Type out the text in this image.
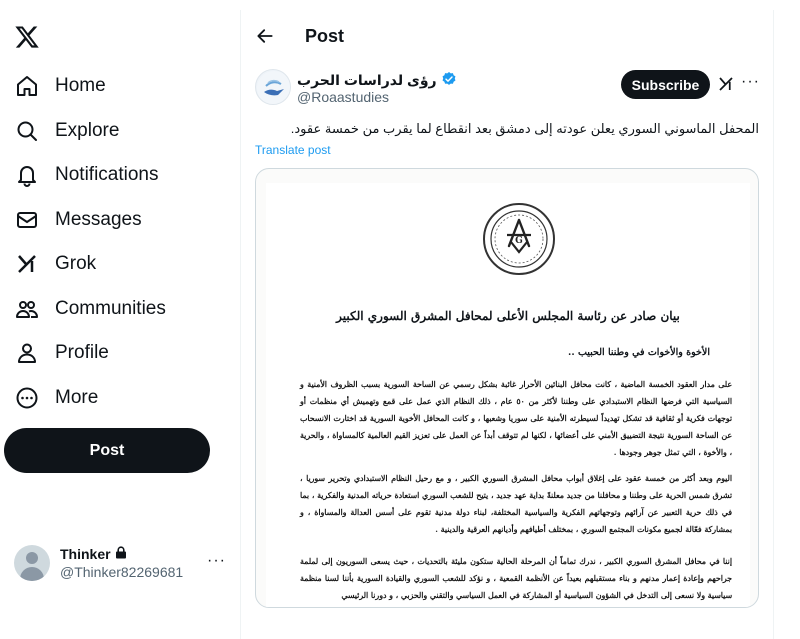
Home
Explore
Notifications
Messages
Grok
Communities
Profile
More
Post
Thinker
@Thinker82269681
···
Post
رؤى لدراسات الحرب
@Roaastudies
Subscribe	···
المحفل الماسوني السوري يعلن عودته إلى دمشق بعد انقطاع لما يقرب من خمسة عقود.
Translate post
G
بيان صادر عن رئاسة المجلس الأعلى لمحافل المشرق السوري الكبير
الأخوة والأخوات في وطننا الحبيب ..
على مدار العقود الخمسة الماضية ، كانت محافل البنائين الأحرار غائبة بشكل رسمي عن الساحة السورية بسبب الظروف الأمنية و السياسية التي فرضها النظام الاستبدادي على وطننا لأكثر من ٥٠ عام ، ذلك النظام الذي عمل على قمع وتهميش أي منظمات أو توجهات فكرية أو ثقافية قد تشكل تهديداً لسيطرته الأمنية على سوريا وشعبها ، و كانت المحافل الأخوية السورية قد اختارت الانسحاب عن الساحة السورية نتيجة التضييق الأمني على أعضائها ، لكنها لم تتوقف أبداً عن العمل على تعزيز القيم العالمية كالمساواة ، والحرية ، والأخوة ، التي تمثل جوهر وجودها .
اليوم وبعد أكثر من خمسة عقود على إغلاق أبواب محافل المشرق السوري الكبير ، و مع رحيل النظام الاستبدادي وتحرير سوريا ، تشرق شمس الحرية على وطننا و محافلنا من جديد معلنةً بداية عهد جديد ، يتيح للشعب السوري استعادة حرياته المدنية والفكرية ، بما في ذلك حرية التعبير عن آرائهم وتوجهاتهم الفكرية والسياسية المختلفة، لبناء دولة مدنية تقوم على أسس العدالة والمساواة ، و بمشاركة فعّالة لجميع مكونات المجتمع السوري ، بمختلف أطيافهم وأديانهم العرقية والدينية .
إننا في محافل المشرق السوري الكبير ، ندرك تماماً أن المرحلة الحالية ستكون مليئة بالتحديات ، حيث يسعى السوريون إلى لملمة جراحهم وإعادة إعمار مدنهم و بناء مستقبلهم بعيداً عن الأنظمة القمعية ، و نؤكد للشعب السوري والقيادة السورية بأننا لسنا منظمة سياسية ولا نسعى إلى التدخل في الشؤون السياسية أو المشاركة في العمل السياسي والتقني والحزبي ، و دورنا الرئيسي
